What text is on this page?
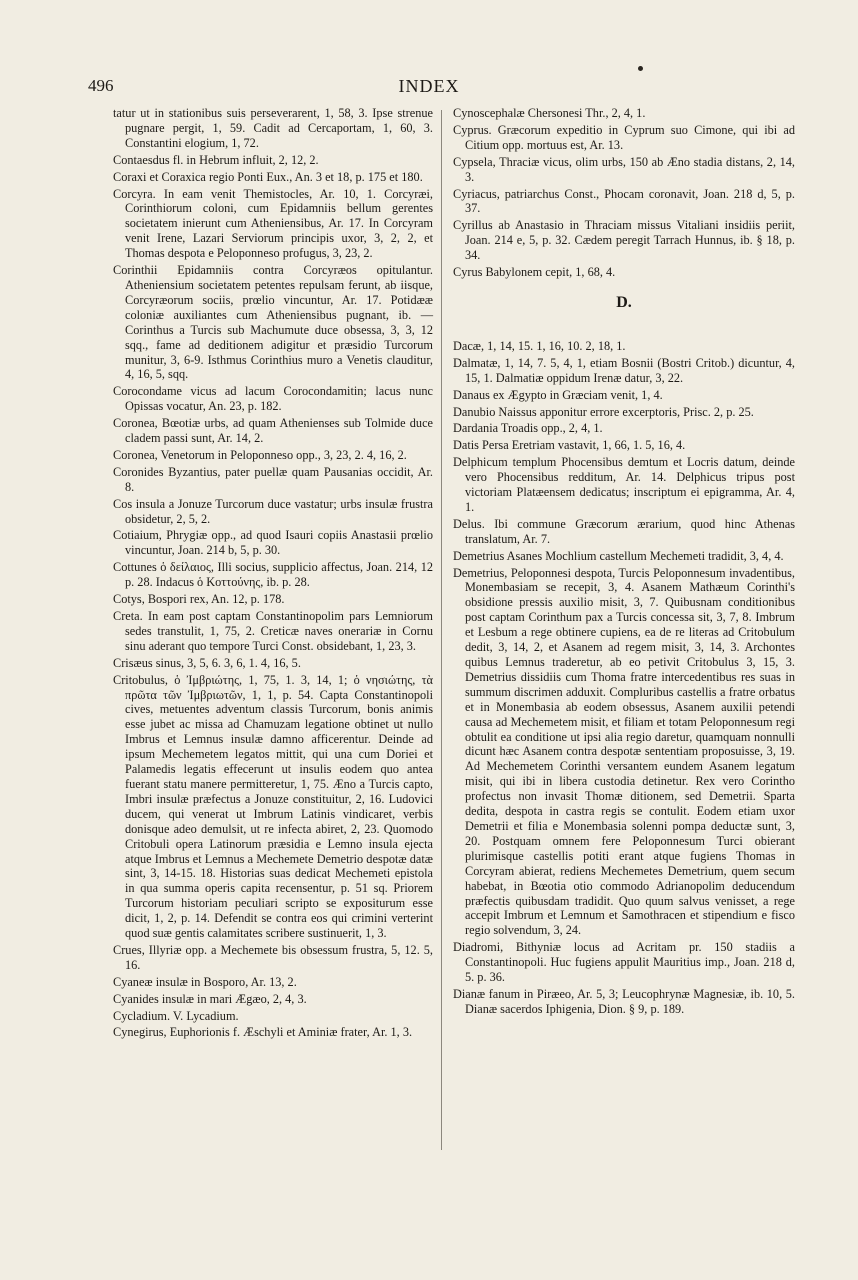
496	INDEX

tatur ut in stationibus suis perseverarent, 1, 58, 3. Ipse strenue pugnare pergit, 1, 59. Cadit ad Cercaportam, 1, 60, 3. Constantini elogium, 1, 72.

Contaesdus fl. in Hebrum influit, 2, 12, 2.

Coraxi et Coraxica regio Ponti Eux., An. 3 et 18, p. 175 et 180.

Corcyra. In eam venit Themistocles, Ar. 10, 1. Corcyræi, Corinthiorum coloni, cum Epidamniis bellum gerentes societatem inierunt cum Atheniensibus, Ar. 17. In Corcyram venit Irene, Lazari Serviorum principis uxor, 3, 2, 2, et Thomas despota e Peloponneso profugus, 3, 23, 2.

Corinthii Epidamniis contra Corcyræos opitulantur. Atheniensium societatem petentes repulsam ferunt, ab iisque, Corcyræorum sociis, prœlio vincuntur, Ar. 17. Potidææ coloniæ auxiliantes cum Atheniensibus pugnant, ib. — Corinthus a Turcis sub Machumute duce obsessa, 3, 3, 12 sqq., fame ad deditionem adigitur et præsidio Turcorum munitur, 3, 6-9. Isthmus Corinthius muro a Venetis clauditur, 4, 16, 5, sqq.

Corocondame vicus ad lacum Corocondamitin; lacus nunc Opissas vocatur, An. 23, p. 182.

Coronea, Bœotiæ urbs, ad quam Athenienses sub Tolmide duce cladem passi sunt, Ar. 14, 2.

Coronea, Venetorum in Peloponneso opp., 3, 23, 2. 4, 16, 2.

Coronides Byzantius, pater puellæ quam Pausanias occidit, Ar. 8.

Cos insula a Jonuze Turcorum duce vastatur; urbs insulæ frustra obsidetur, 2, 5, 2.

Cotiaium, Phrygiæ opp., ad quod Isauri copiis Anastasii prœlio vincuntur, Joan. 214 b, 5, p. 30.

Cottunes ὁ δείλαιος, Illi socius, supplicio affectus, Joan. 214, 12 p. 28. Indacus ὁ Κοττούνης, ib. p. 28.

Cotys, Bospori rex, An. 12, p. 178.

Creta. In eam post captam Constantinopolim pars Lemniorum sedes transtulit, 1, 75, 2. Creticæ naves onerariæ in Cornu sinu aderant quo tempore Turci Const. obsidebant, 1, 23, 3.

Crisæus sinus, 3, 5, 6. 3, 6, 1. 4, 16, 5.

Critobulus, ὁ Ἰμβριώτης, 1, 75, 1. 3, 14, 1; ὁ νησιώτης, τὰ πρῶτα τῶν Ἰμβριωτῶν, 1, 1, p. 54. Capta Constantinopoli cives, metuentes adventum classis Turcorum, bonis animis esse jubet ac missa ad Chamuzam legatione obtinet ut nullo Imbrus et Lemnus insulæ damno afficerentur. Deinde ad ipsum Mechemetem legatos mittit, qui una cum Doriei et Palamedis legatis effecerunt ut insulis eodem quo antea fuerant statu manere permitteretur, 1, 75. Æno a Turcis capto, Imbri insulæ præfectus a Jonuze constituitur, 2, 16. Ludovici ducem, qui venerat ut Imbrum Latinis vindicaret, verbis donisque adeo demulsit, ut re infecta abiret, 2, 23. Quomodo Critobuli opera Latinorum præsidia e Lemno insula ejecta atque Imbrus et Lemnus a Mechemete Demetrio despotæ datæ sint, 3, 14-15. 18. Historias suas dedicat Mechemeti epistola in qua summa operis capita recensentur, p. 51 sq. Priorem Turcorum historiam peculiari scripto se expositurum esse dicit, 1, 2, p. 14. Defendit se contra eos qui crimini verterint quod suæ gentis calamitates scribere sustinuerit, 1, 3.

Crues, Illyriæ opp. a Mechemete bis obsessum frustra, 5, 12. 5, 16.

Cyaneæ insulæ in Bosporo, Ar. 13, 2.

Cyanides insulæ in mari Ægæo, 2, 4, 3.

Cycladium. V. Lycadium.

Cynegirus, Euphorionis f. Æschyli et Aminiæ frater, Ar. 1, 3.

Cynoscephalæ Chersonesi Thr., 2, 4, 1.

Cyprus. Græcorum expeditio in Cyprum suo Cimone, qui ibi ad Citium opp. mortuus est, Ar. 13.

Cypsela, Thraciæ vicus, olim urbs, 150 ab Æno stadia distans, 2, 14, 3.

Cyriacus, patriarchus Const., Phocam coronavit, Joan. 218 d, 5, p. 37.

Cyrillus ab Anastasio in Thraciam missus Vitaliani insidiis periit, Joan. 214 e, 5, p. 32. Cædem peregit Tarrach Hunnus, ib. § 18, p. 34.

Cyrus Babylonem cepit, 1, 68, 4.

D.

Dacæ, 1, 14, 15. 1, 16, 10. 2, 18, 1.

Dalmatæ, 1, 14, 7. 5, 4, 1, etiam Bosnii (Bostri Critob.) dicuntur, 4, 15, 1. Dalmatiæ oppidum Irenæ datur, 3, 22.

Danaus ex Ægypto in Græciam venit, 1, 4.

Danubio Naissus apponitur errore excerptoris, Prisc. 2, p. 25.

Dardania Troadis opp., 2, 4, 1.

Datis Persa Eretriam vastavit, 1, 66, 1. 5, 16, 4.

Delphicum templum Phocensibus demtum et Locris datum, deinde vero Phocensibus redditum, Ar. 14. Delphicus tripus post victoriam Platæensem dedicatus; inscriptum ei epigramma, Ar. 4, 1.

Delus. Ibi commune Græcorum ærarium, quod hinc Athenas translatum, Ar. 7.

Demetrius Asanes Mochlium castellum Mechemeti tradidit, 3, 4, 4.

Demetrius, Peloponnesi despota, Turcis Peloponnesum invadentibus, Monembasiam se recepit, 3, 4. Asanem Mathæum Corinthi's obsidione pressis auxilio misit, 3, 7. Quibusnam conditionibus post captam Corinthum pax a Turcis concessa sit, 3, 7, 8. Imbrum et Lesbum a rege obtinere cupiens, ea de re literas ad Critobulum dedit, 3, 14, 2, et Asanem ad regem misit, 3, 14, 3. Archontes quibus Lemnus traderetur, ab eo petivit Critobulus 3, 15, 3. Demetrius dissidiis cum Thoma fratre intercedentibus res suas in summum discrimen adduxit. Compluribus castellis a fratre orbatus et in Monembasia ab eodem obsessus, Asanem auxilii petendi causa ad Mechemetem misit, et filiam et totam Peloponnesum regi obtulit ea conditione ut ipsi alia regio daretur, quamquam nonnulli dicunt hæc Asanem contra despotæ sententiam proposuisse, 3, 19. Ad Mechemetem Corinthi versantem eundem Asanem legatum misit, qui ibi in libera custodia detinetur. Rex vero Corintho profectus non invasit Thomæ ditionem, sed Demetrii. Sparta dedita, despota in castra regis se contulit. Eodem etiam uxor Demetrii et filia e Monembasia solenni pompa deductæ sunt, 3, 20. Postquam omnem fere Peloponnesum Turci obierant plurimisque castellis potiti erant atque fugiens Thomas in Corcyram abierat, rediens Mechemetes Demetrium, quem secum habebat, in Bœotia otio commodo Adrianopolim deducendum præfectis quibusdam tradidit. Quo quum salvus venisset, a rege accepit Imbrum et Lemnum et Samothracen et stipendium e fisco regio solvendum, 3, 24.

Diadromi, Bithyniæ locus ad Acritam pr. 150 stadiis a Constantinopoli. Huc fugiens appulit Mauritius imp., Joan. 218 d, 5. p. 36.

Dianæ fanum in Piræeo, Ar. 5, 3; Leucophrynæ Magnesiæ, ib. 10, 5. Dianæ sacerdos Iphigenia, Dion. § 9, p. 189.
